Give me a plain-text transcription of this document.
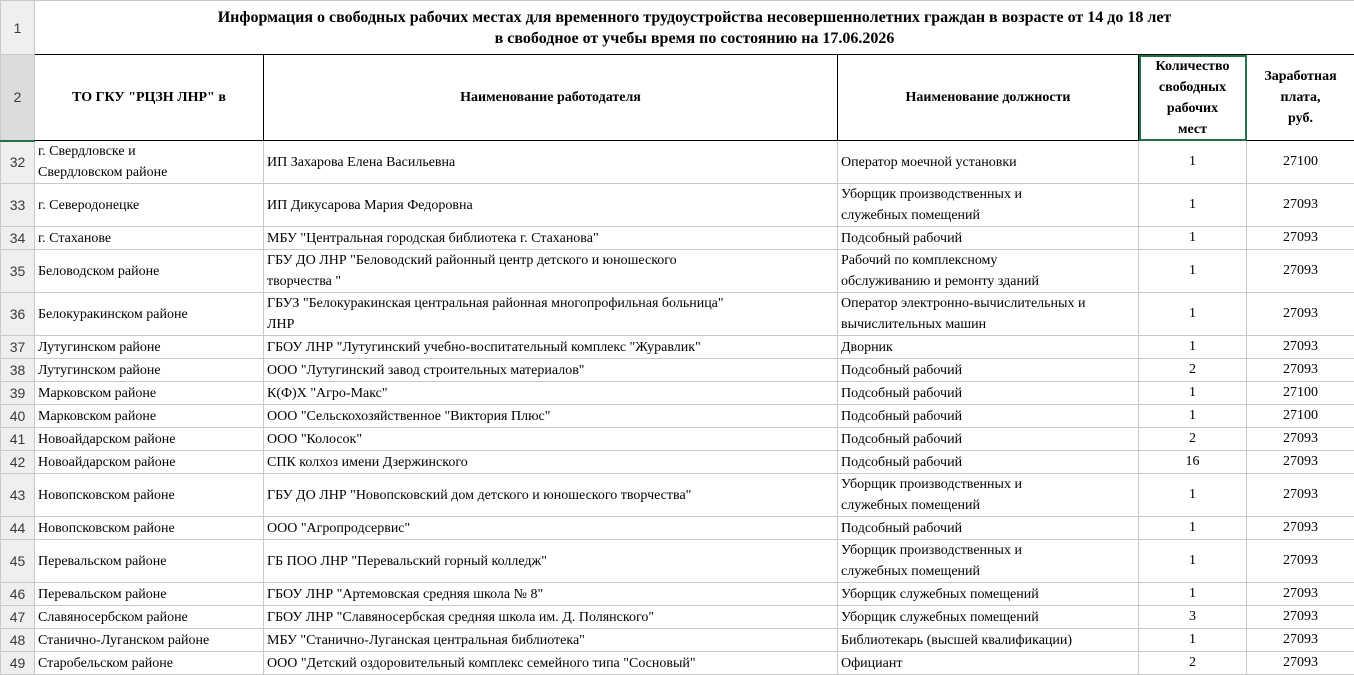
1	Информация о свободных рабочих местах для временного трудоустройства несовершеннолетних граждан в возрасте от 14 до 18 лет
в свободное от учебы время по состоянию на 17.06.2026				

2	ТО ГКУ "РЦЗН ЛНР" в	Наименование работодателя	Наименование должности	Количество
свободных
рабочих
мест	Заработная
плата,
руб.

32	г. Свердловске и
Свердловском районе	ИП Захарова Елена Васильевна	Оператор моечной установки	1	27100
33	г. Северодонецке	ИП Дикусарова Мария Федоровна	Уборщик производственных и
служебных помещений	1	27093
34	г. Стаханове	МБУ "Центральная городская библиотека г. Стаханова"	Подсобный рабочий	1	27093
35	Беловодском районе	ГБУ ДО ЛНР "Беловодский районный центр детского и юношеского
творчества "	Рабочий по комплексному
обслуживанию и ремонту зданий	1	27093
36	Белокуракинском районе	ГБУЗ "Белокуракинская центральная районная многопрофильная больница"
ЛНР	Оператор электронно-вычислительных и
вычислительных машин	1	27093
37	Лутугинском районе	ГБОУ ЛНР "Лутугинский учебно-воспитательный комплекс "Журавлик"	Дворник	1	27093
38	Лутугинском районе	ООО "Лутугинский завод строительных материалов"	Подсобный рабочий	2	27093
39	Марковском районе	К(Ф)Х "Агро-Макс"	Подсобный рабочий	1	27100
40	Марковском районе	ООО "Сельскохозяйственное "Виктория Плюс"	Подсобный рабочий	1	27100
41	Новоайдарском районе	ООО "Колосок"	Подсобный рабочий	2	27093
42	Новоайдарском районе	СПК колхоз имени Дзержинского	Подсобный рабочий	16	27093
43	Новопсковском районе	ГБУ ДО ЛНР "Новопсковский дом детского и юношеского творчества"	Уборщик производственных и
служебных помещений	1	27093
44	Новопсковском районе	ООО "Агропродсервис"	Подсобный рабочий	1	27093
45	Перевальском районе	ГБ ПОО ЛНР "Перевальский горный колледж"	Уборщик производственных и
служебных помещений	1	27093
46	Перевальском районе	ГБОУ ЛНР "Артемовская средняя школа № 8"	Уборщик служебных помещений	1	27093
47	Славяносербском районе	ГБОУ ЛНР "Славяносербская средняя школа им. Д. Полянского"	Уборщик служебных помещений	3	27093
48	Станично-Луганском районе	МБУ "Станично-Луганская центральная библиотека"	Библиотекарь (высшей квалификации)	1	27093
49	Старобельском районе	ООО "Детский оздоровительный комплекс семейного типа "Сосновый"	Официант	2	27093
